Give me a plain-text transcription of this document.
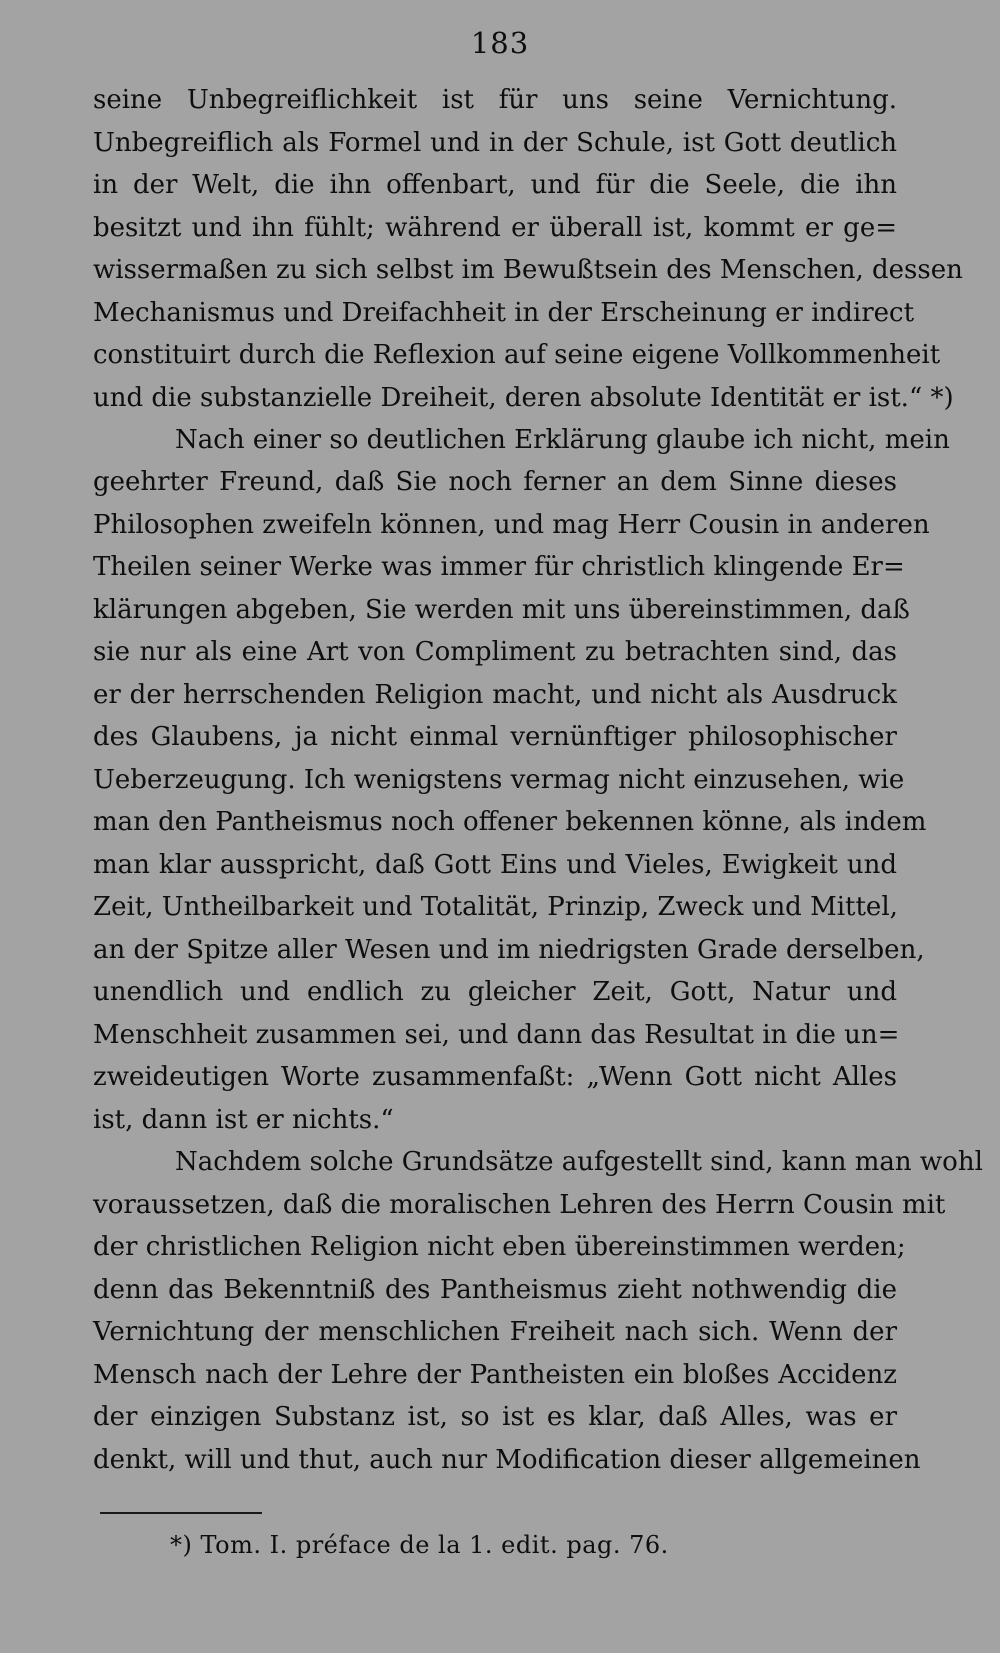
183
seine Unbegreiflichkeit ist für uns seine Vernichtung.
Unbegreiflich als Formel und in der Schule, ist Gott deutlich
in der Welt, die ihn offenbart, und für die Seele, die ihn
besitzt und ihn fühlt; während er überall ist, kommt er ge=
wissermaßen zu sich selbst im Bewußtsein des Menschen, dessen
Mechanismus und Dreifachheit in der Erscheinung er indirect
constituirt durch die Reflexion auf seine eigene Vollkommenheit
und die substanzielle Dreiheit, deren absolute Identität er ist.“ *)
Nach einer so deutlichen Erklärung glaube ich nicht, mein
geehrter Freund, daß Sie noch ferner an dem Sinne dieses
Philosophen zweifeln können, und mag Herr Cousin in anderen
Theilen seiner Werke was immer für christlich klingende Er=
klärungen abgeben, Sie werden mit uns übereinstimmen, daß
sie nur als eine Art von Compliment zu betrachten sind, das
er der herrschenden Religion macht, und nicht als Ausdruck
des Glaubens, ja nicht einmal vernünftiger philosophischer
Ueberzeugung. Ich wenigstens vermag nicht einzusehen, wie
man den Pantheismus noch offener bekennen könne, als indem
man klar ausspricht, daß Gott Eins und Vieles, Ewigkeit und
Zeit, Untheilbarkeit und Totalität, Prinzip, Zweck und Mittel,
an der Spitze aller Wesen und im niedrigsten Grade derselben,
unendlich und endlich zu gleicher Zeit, Gott, Natur und
Menschheit zusammen sei, und dann das Resultat in die un=
zweideutigen Worte zusammenfaßt: „Wenn Gott nicht Alles
ist, dann ist er nichts.“
Nachdem solche Grundsätze aufgestellt sind, kann man wohl
voraussetzen, daß die moralischen Lehren des Herrn Cousin mit
der christlichen Religion nicht eben übereinstimmen werden;
denn das Bekenntniß des Pantheismus zieht nothwendig die
Vernichtung der menschlichen Freiheit nach sich. Wenn der
Mensch nach der Lehre der Pantheisten ein bloßes Accidenz
der einzigen Substanz ist, so ist es klar, daß Alles, was er
denkt, will und thut, auch nur Modification dieser allgemeinen
*) Tom. I. préface de la 1. edit. pag. 76.
